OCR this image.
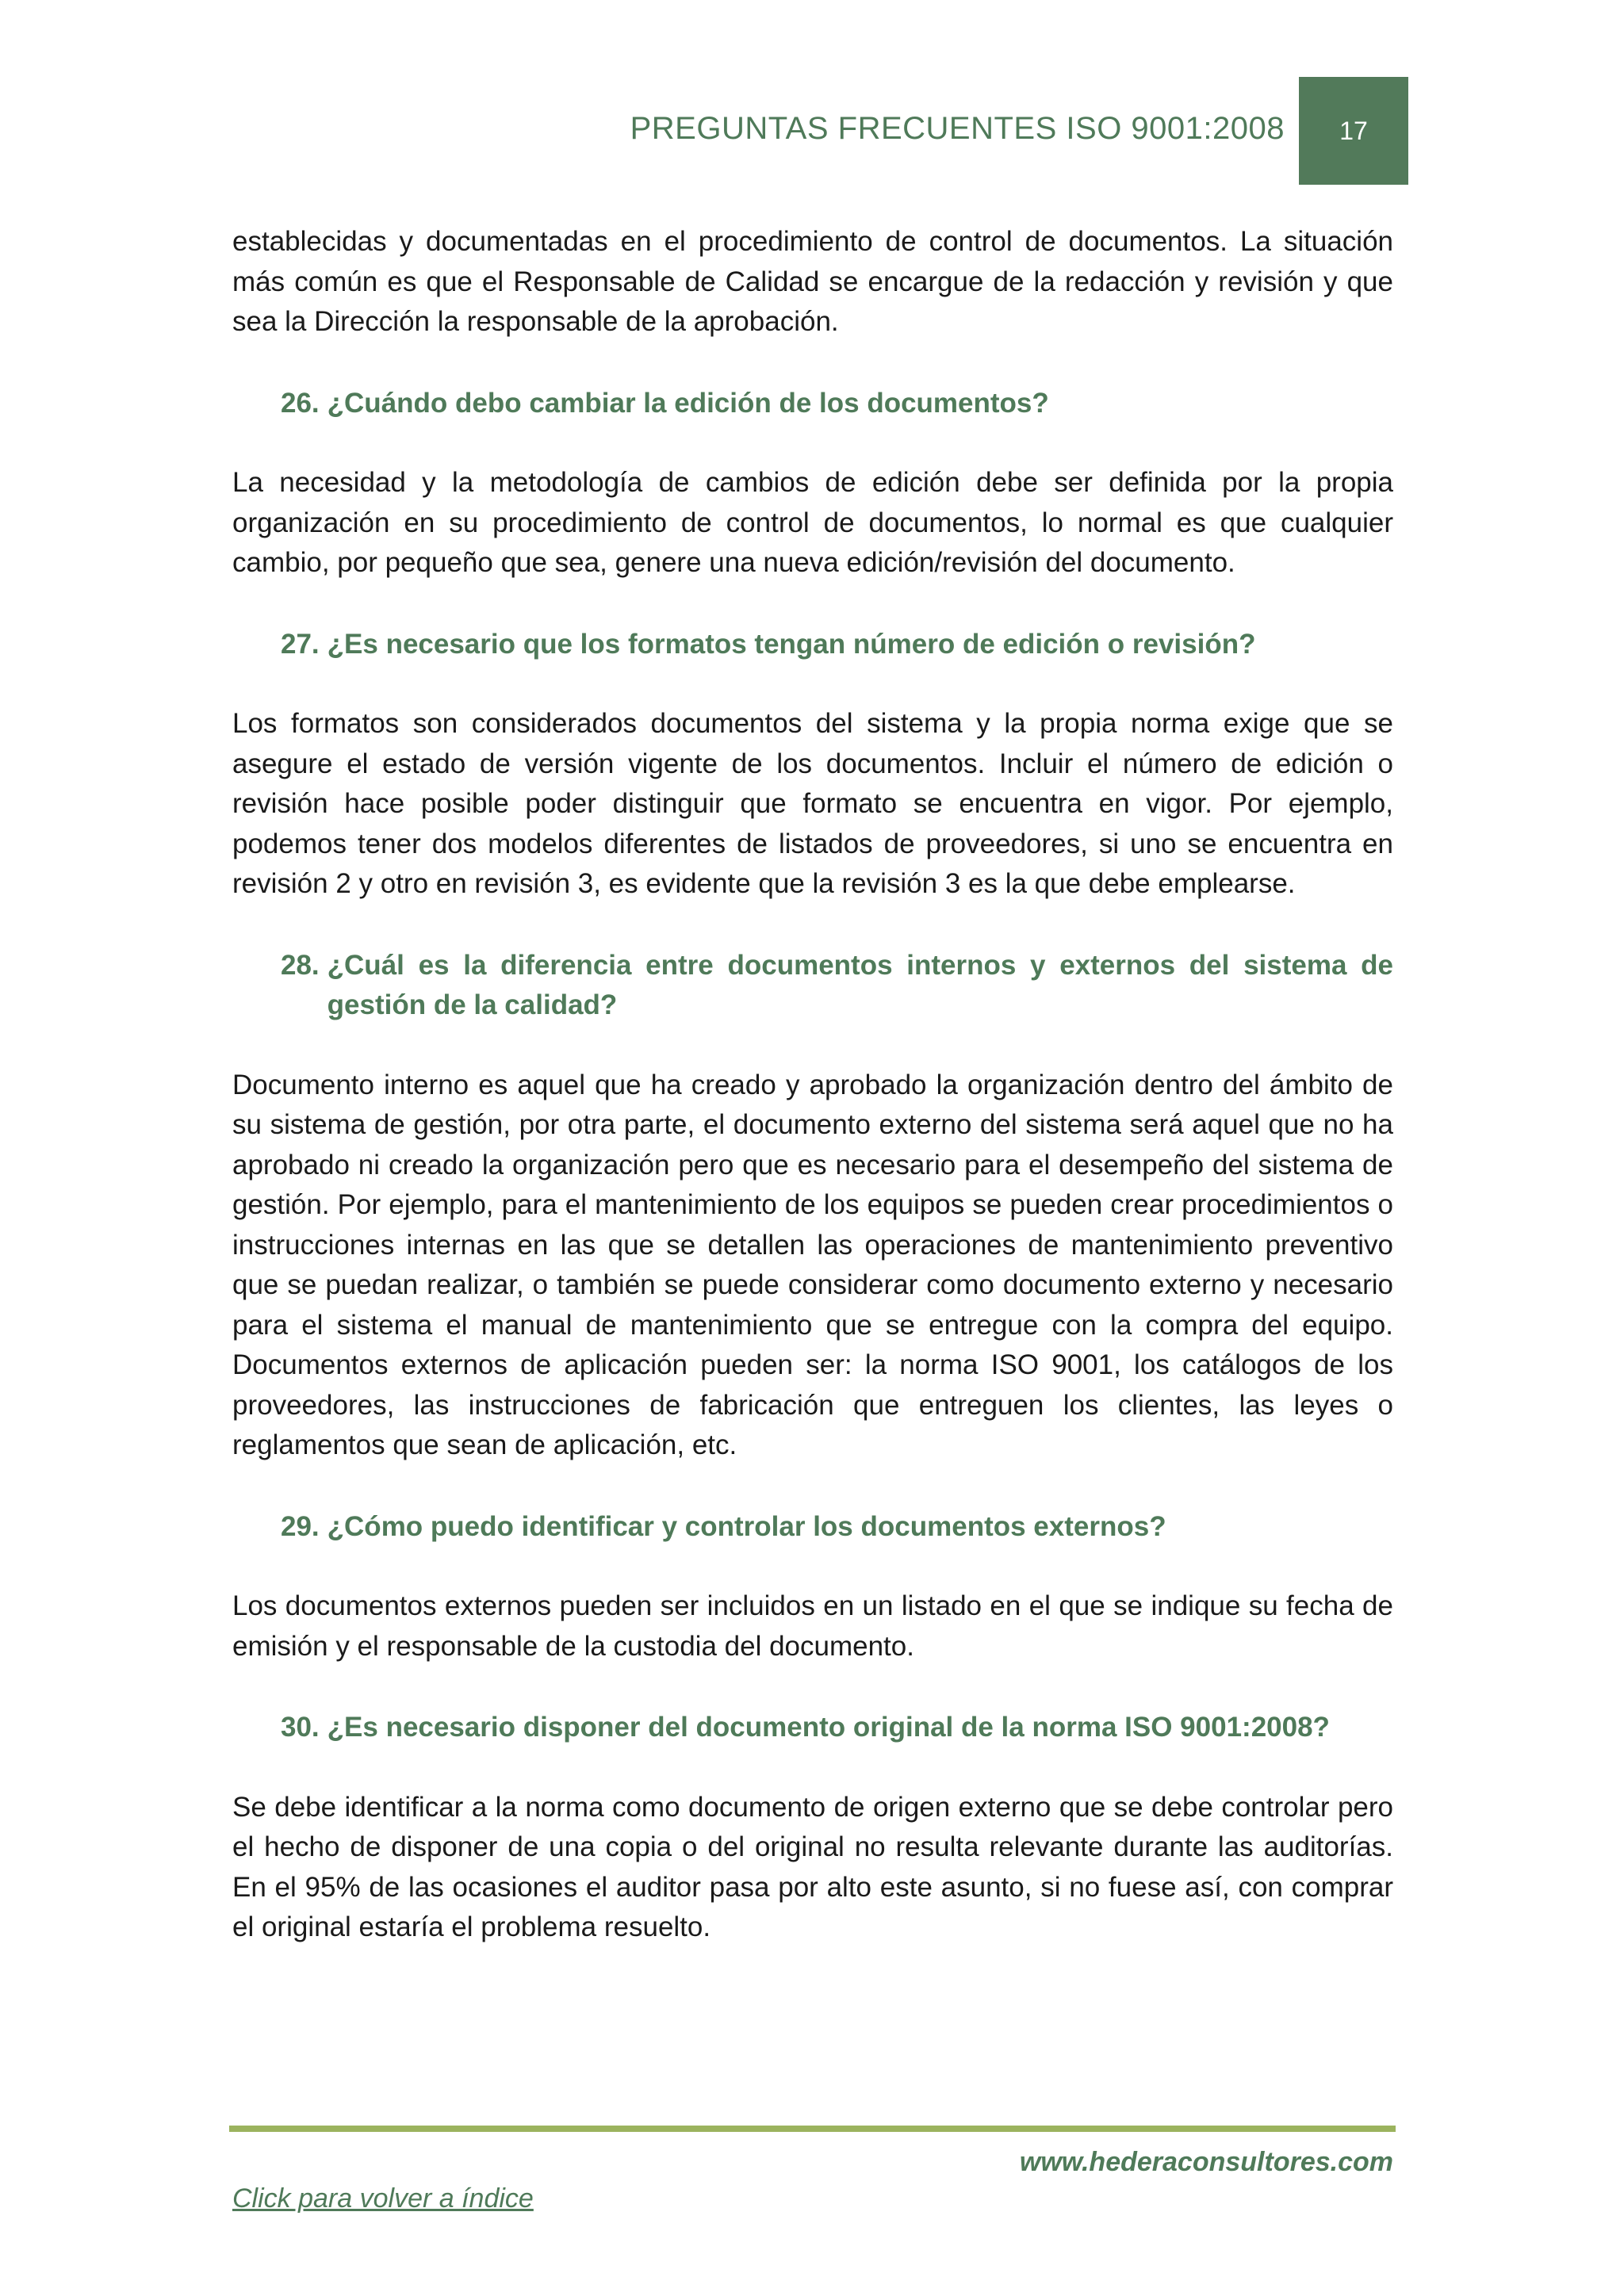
PREGUNTAS FRECUENTES ISO 9001:2008	17

establecidas y documentadas en el procedimiento de control de documentos. La situación más común es que el Responsable de Calidad se encargue de la redacción y revisión y que sea la Dirección la responsable de la aprobación.

26. ¿Cuándo debo cambiar la edición de los documentos?

La necesidad y la metodología de cambios de edición debe ser definida por la propia organización en su procedimiento de control de documentos, lo normal es que cualquier cambio, por pequeño que sea, genere una nueva edición/revisión del documento.

27. ¿Es necesario que los formatos tengan número de edición o revisión?

Los formatos son considerados documentos del sistema y la propia norma exige que se asegure el estado de versión vigente de los documentos. Incluir el número de edición o revisión hace posible poder distinguir que formato se encuentra en vigor. Por ejemplo, podemos tener dos modelos diferentes de listados de proveedores, si uno se encuentra en revisión 2 y otro en revisión 3, es evidente que la revisión 3 es la que debe emplearse.

28. ¿Cuál es la diferencia entre documentos internos y externos del sistema de gestión de la calidad?

Documento interno es aquel que ha creado y aprobado la organización dentro del ámbito de su sistema de gestión, por otra parte, el documento externo del sistema será aquel que no ha aprobado ni creado la organización pero que es necesario para el desempeño del sistema de gestión. Por ejemplo, para el mantenimiento de los equipos se pueden crear procedimientos o instrucciones internas en las que se detallen las operaciones de mantenimiento preventivo que se puedan realizar, o también se puede considerar como documento externo y necesario para el sistema el manual de mantenimiento que se entregue con la compra del equipo. Documentos externos de aplicación pueden ser: la norma ISO 9001, los catálogos de los proveedores, las instrucciones de fabricación que entreguen los clientes, las leyes o reglamentos que sean de aplicación, etc.

29. ¿Cómo puedo identificar y controlar los documentos externos?

Los documentos externos pueden ser incluidos en un listado en el que se indique su fecha de emisión y el responsable de la custodia del documento.

30. ¿Es necesario disponer del documento original de la norma ISO 9001:2008?

Se debe identificar a la norma como documento de origen externo que se debe controlar pero el hecho de disponer de una copia o del original no resulta relevante durante las auditorías. En el 95% de las ocasiones el auditor pasa por alto este asunto, si no fuese así, con comprar el original estaría el problema resuelto.

www.hederaconsultores.com
Click para volver a índice
